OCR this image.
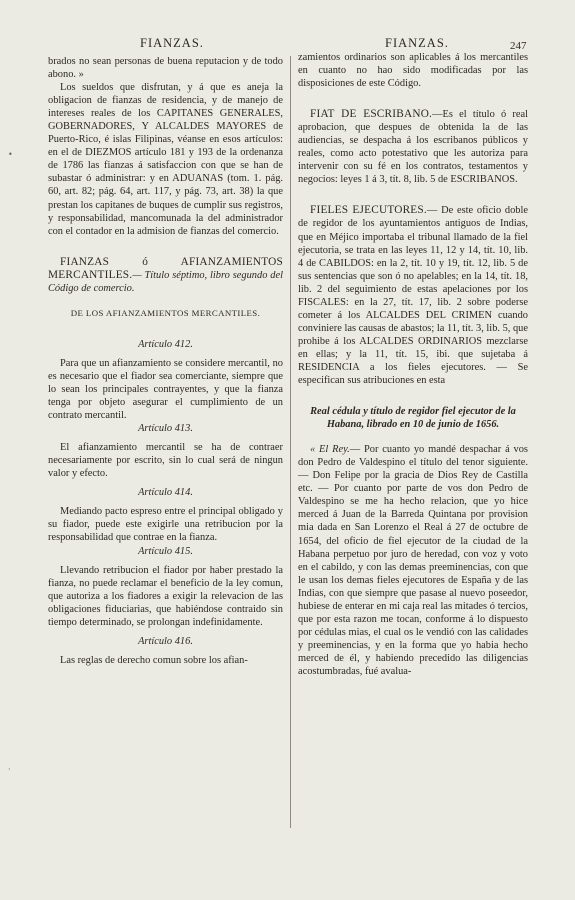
FIANZAS.	FIANZAS.	247
•
·

brados no sean personas de buena reputacion y de todo abono. »

Los sueldos que disfrutan, y á que es aneja la obligacion de fianzas de residencia, y de manejo de intereses reales de los CAPITANES GENERALES, GOBERNADORES, Y ALCALDES MAYORES de Puerto-Rico, é islas Filipinas, véanse en esos artículos: en el de DIEZMOS artículo 181 y 193 de la ordenanza de 1786 las fianzas á satisfaccion con que se han de subastar ó administrar: y en ADUANAS (tom. 1. pág. 60, art. 82; pág. 64, art. 117, y pág. 73, art. 38) la que prestan los capitanes de buques de cumplir sus registros, y responsabilidad, mancomunada la del administrador con el contador en la admision de fianzas del comercio.

FIANZAS ó AFIANZAMIENTOS MERCANTILES.— Título séptimo, libro segundo del Código de comercio.

DE LOS AFIANZAMIENTOS MERCANTILES.

Artículo 412.

Para que un afianzamiento se considere mercantil, no es necesario que el fiador sea comerciante, siempre que lo sean los principales contrayentes, y que la fianza tenga por objeto asegurar el cumplimiento de un contrato mercantil.

Artículo 413.

El afianzamiento mercantil se ha de contraer necesariamente por escrito, sin lo cual será de ningun valor y efecto.

Artículo 414.

Mediando pacto espreso entre el principal obligado y su fiador, puede este exigirle una retribucion por la responsabilidad que contrae en la fianza.

Artículo 415.

Llevando retribucion el fiador por haber prestado la fianza, no puede reclamar el beneficio de la ley comun, que autoriza a los fiadores a exigir la relevacion de las obligaciones fiduciarias, que habiéndose contraido sin tiempo determinado, se prolongan indefinidamente.

Artículo 416.

Las reglas de derecho comun sobre los afian-

zamientos ordinarios son aplicables á los mercantiles en cuanto no hao sido modificadas por las disposiciones de este Código.

FIAT DE ESCRIBANO.—Es el título ó real aprobacion, que despues de obtenida la de las audiencias, se despacha á los escribanos públicos y reales, como acto potestativo que les autoriza para intervenir con su fé en los contratos, testamentos y negocios: leyes 1 á 3, tít. 8, lib. 5 de ESCRIBANOS.

FIELES EJECUTORES.— De este oficio doble de regidor de los ayuntamientos antiguos de Indias, que en Méjico importaba el tribunal llamado de la fiel ejecutoria, se trata en las leyes 11, 12 y 14, tít. 10, lib. 4 de CABILDOS: en la 2, tít. 10 y 19, tít. 12, lib. 5 de sus sentencias que son ó no apelables; en la 14, tít. 18, lib. 2 del seguimiento de estas apelaciones por los FISCALES: en la 27, tít. 17, lib. 2 sobre poderse cometer á los ALCALDES DEL CRIMEN cuando conviniere las causas de abastos; la 11, tít. 3, lib. 5, que prohibe á los ALCALDES ORDINARIOS mezclarse en ellas; y la 11, tít. 15, ibi. que sujetaba á RESIDENCIA a los fieles ejecutores. — Se especifican sus atribuciones en esta

Real cédula y título de regidor fiel ejecutor de la Habana, librado en 10 de junio de 1656.

« El Rey.— Por cuanto yo mandé despachar á vos don Pedro de Valdespino el título del tenor siguiente. — Don Felipe por la gracia de Dios Rey de Castilla etc. — Por cuanto por parte de vos don Pedro de Valdespino se me ha hecho relacion, que yo hice merced á Juan de la Barreda Quintana por provision mia dada en San Lorenzo el Real á 27 de octubre de 1654, del oficio de fiel ejecutor de la ciudad de la Habana perpetuo por juro de heredad, con voz y voto en el cabildo, y con las demas preeminencias, con que le usan los demas fieles ejecutores de España y de las Indias, con que siempre que pasase al nuevo poseedor, hubiese de enterar en mi caja real las mitades ó tercios, que por esta razon me tocan, conforme á lo dispuesto por cédulas mias, el cual os le vendió con las calidades y preeminencias, y en la forma que yo habia hecho merced de él, y habiendo precedido las diligencias acostumbradas, fué avalua-
